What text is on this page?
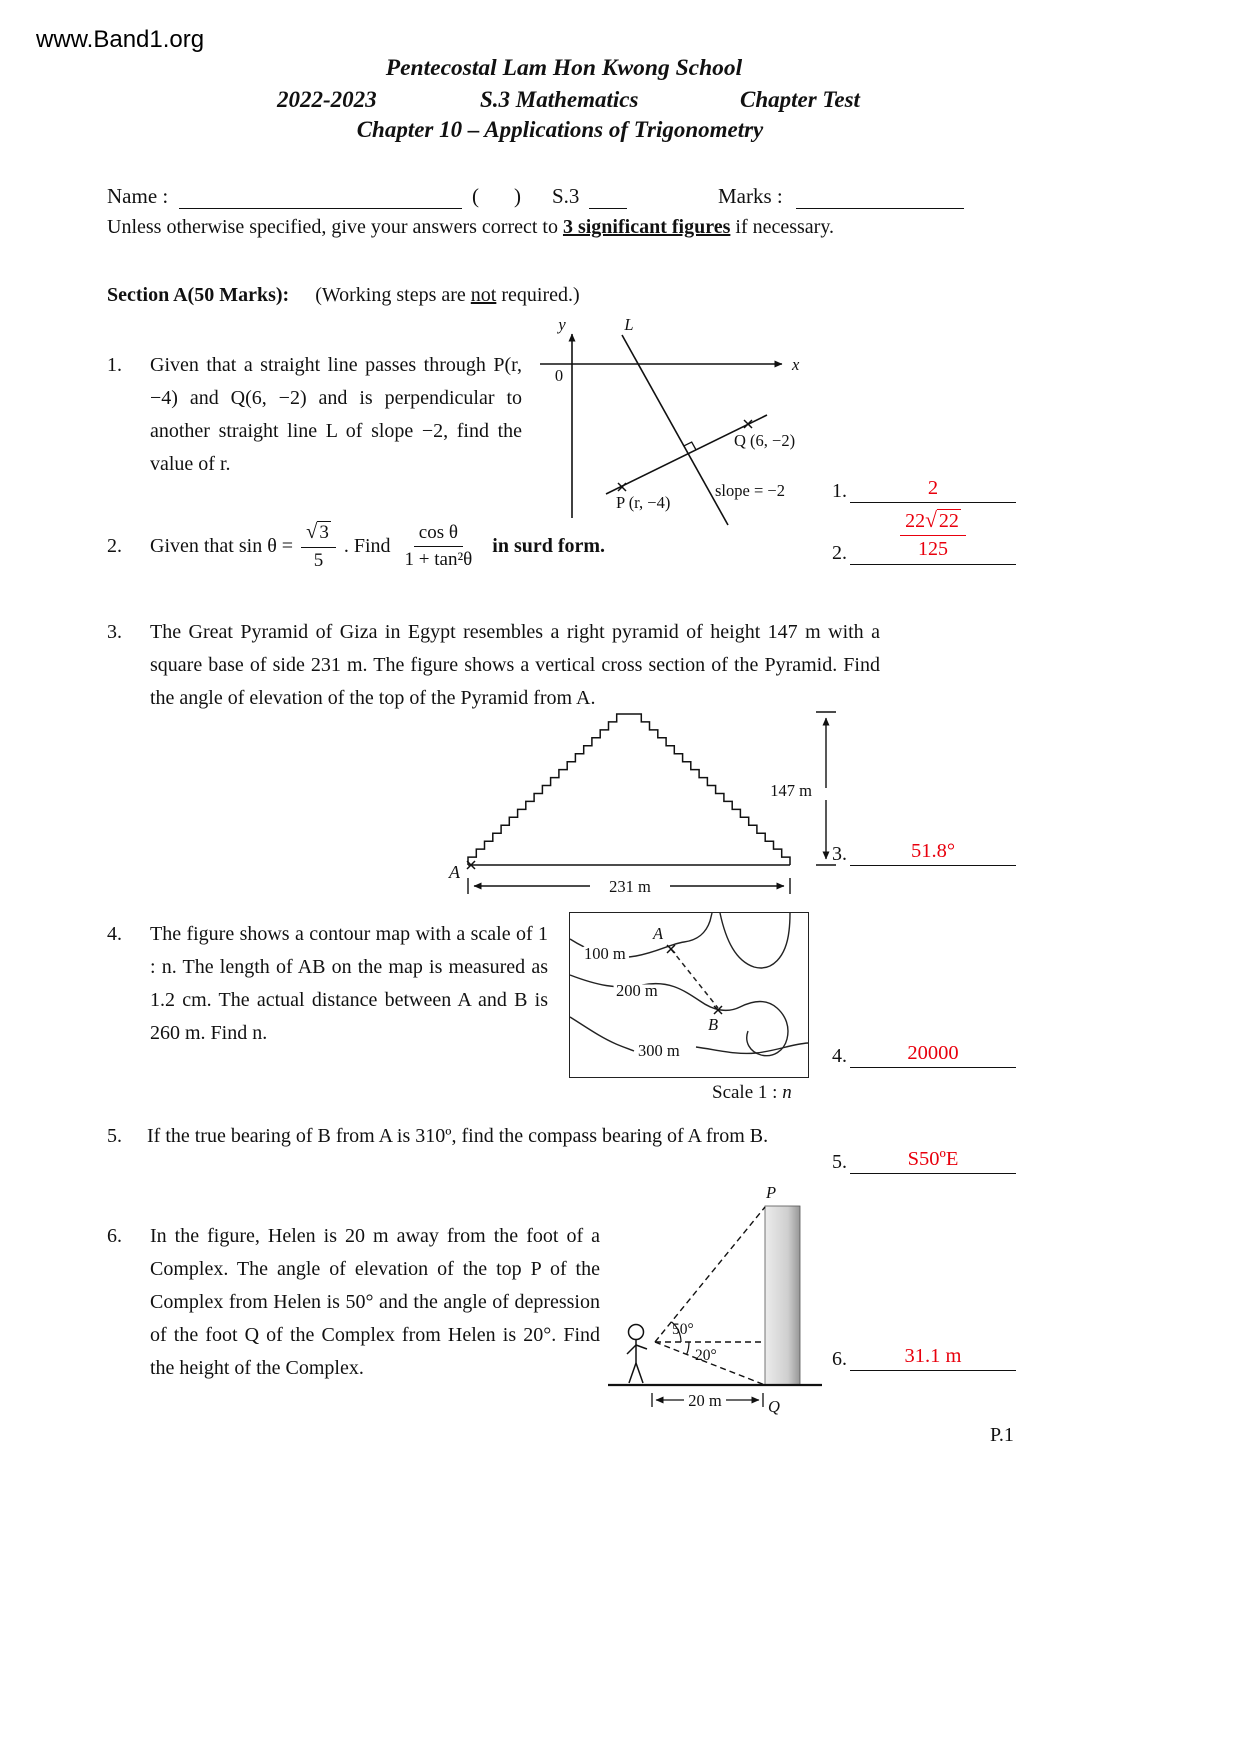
www.Band1.org
Pentecostal Lam Hon Kwong School
2022-2023	S.3 Mathematics	Chapter Test
Chapter 10 – Applications of Trigonometry
Name :	( ) S.3	Marks :
Unless otherwise specified, give your answers correct to 3 significant figures if necessary.
Section A(50 Marks): (Working steps are not required.)
1. Given that a straight line passes through P(r, −4) and Q(6, −2) and is perpendicular to another straight line L of slope −2, find the value of r.
y
x
0
L
Q (6, −2)
P (r, −4)
slope = −2 1.	2
2.	Given that $\sin \theta = \frac{√ 3}{5}$ . Find $\frac{\text{cos θ}}{\text{1 + tan²θ}}$ in surd form.	2.	$\frac{22√ 22}{125}$
3. The Great Pyramid of Giza in Egypt resembles a right pyramid of height 147 m with a square base of side 231 m. The figure shows a vertical cross section of the Pyramid. Find the angle of elevation of the top of the Pyramid from A.
A
147 m
231 m
3.	51.8°
4. The figure shows a contour map with a scale of 1 : n. The length of AB on the map is measured as 1.2 cm. The actual distance between A and B is 260 m. Find n.
A
B
100 m
200 m
300 m
Scale 1 : n
4.	20000
5. If the true bearing of B from A is 310º, find the compass bearing of A from B.
5.	S50ºE
6. In the figure, Helen is 20 m away from the foot of a Complex. The angle of elevation of the top P of the Complex from Helen is 50° and the angle of depression of the foot Q of the Complex from Helen is 20°. Find the height of the Complex.
P
50°
20°
20 m	Q
6.	31.1 m
P.1
